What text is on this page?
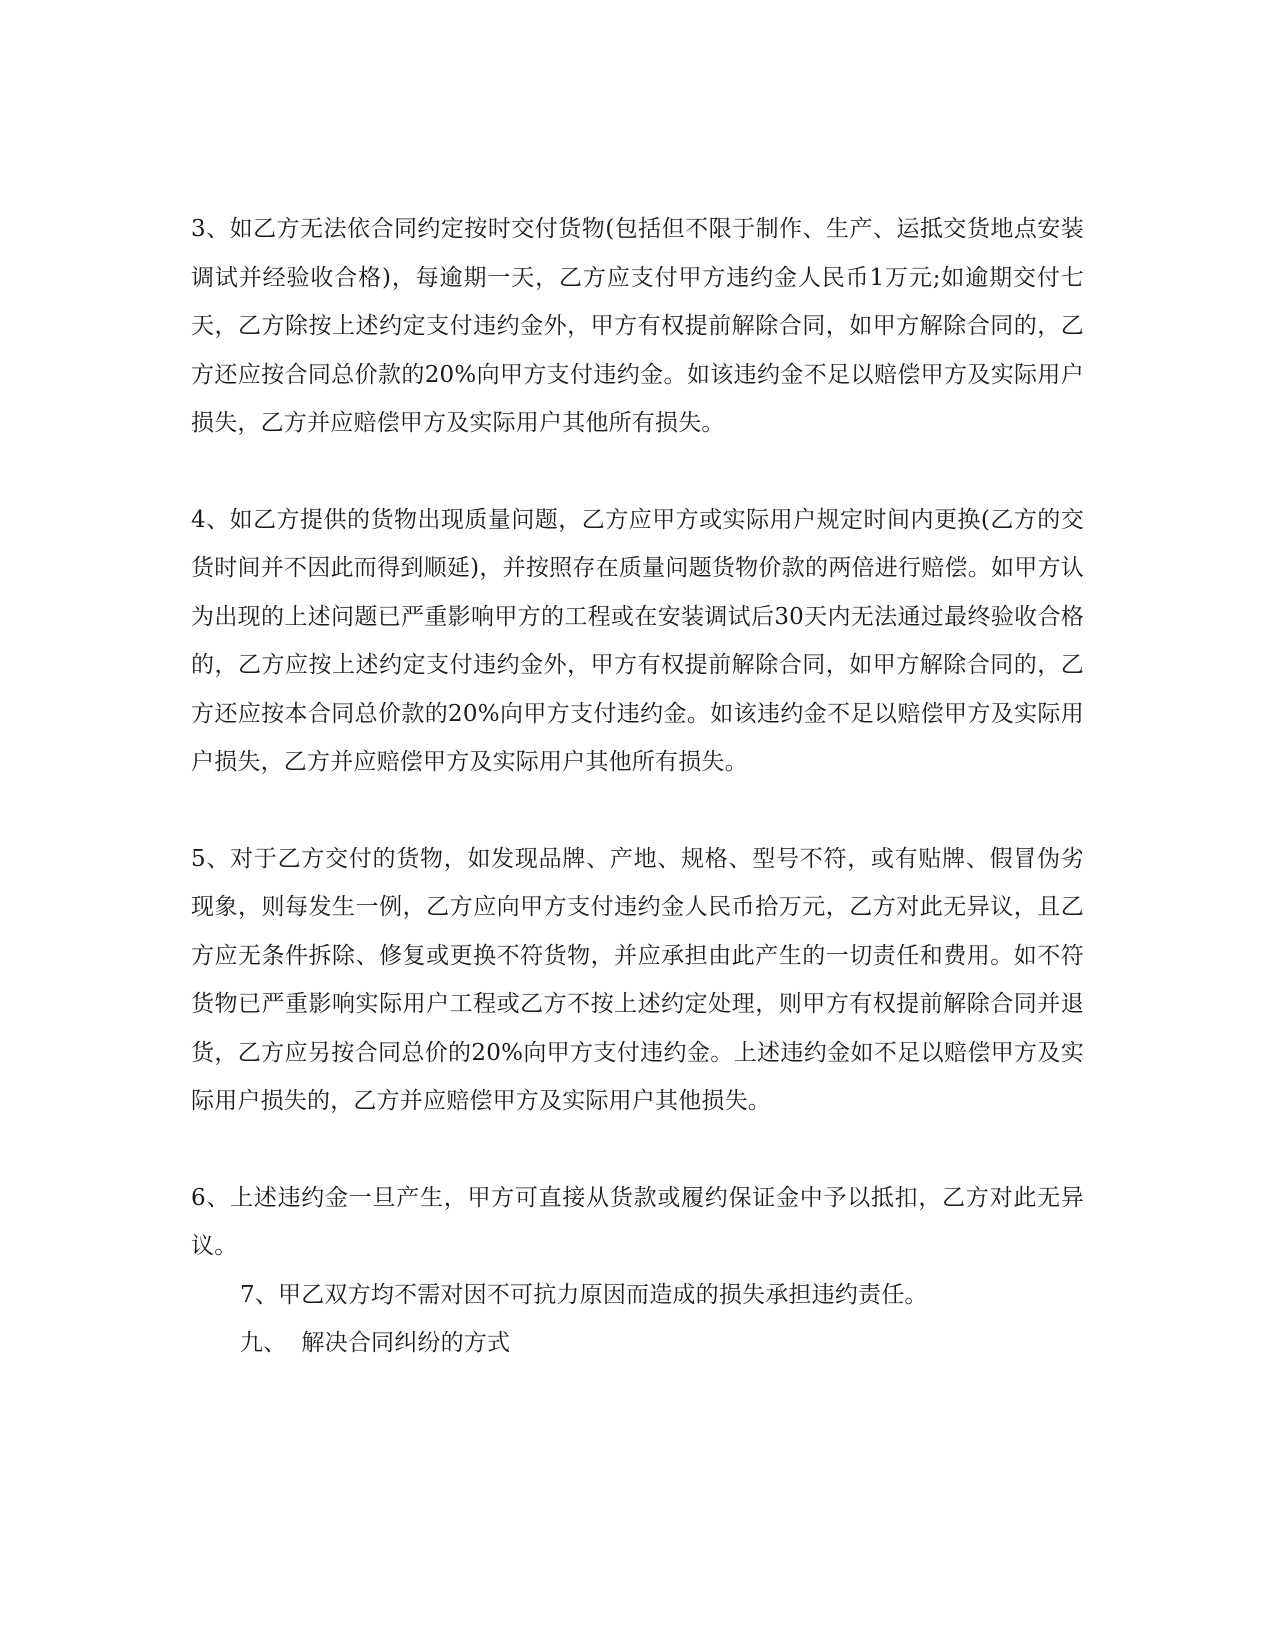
3、如乙方无法依合同约定按时交付货物(包括但不限于制作、生产、运抵交货地点安装调试并经验收合格)，每逾期一天，乙方应支付甲方违约金人民币1万元;如逾期交付七天，乙方除按上述约定支付违约金外，甲方有权提前解除合同，如甲方解除合同的，乙方还应按合同总价款的20%向甲方支付违约金。如该违约金不足以赔偿甲方及实际用户损失，乙方并应赔偿甲方及实际用户其他所有损失。

4、如乙方提供的货物出现质量问题，乙方应甲方或实际用户规定时间内更换(乙方的交货时间并不因此而得到顺延)，并按照存在质量问题货物价款的两倍进行赔偿。如甲方认为出现的上述问题已严重影响甲方的工程或在安装调试后30天内无法通过最终验收合格的，乙方应按上述约定支付违约金外，甲方有权提前解除合同，如甲方解除合同的，乙方还应按本合同总价款的20%向甲方支付违约金。如该违约金不足以赔偿甲方及实际用户损失，乙方并应赔偿甲方及实际用户其他所有损失。

5、对于乙方交付的货物，如发现品牌、产地、规格、型号不符，或有贴牌、假冒伪劣现象，则每发生一例，乙方应向甲方支付违约金人民币拾万元，乙方对此无异议，且乙方应无条件拆除、修复或更换不符货物，并应承担由此产生的一切责任和费用。如不符货物已严重影响实际用户工程或乙方不按上述约定处理，则甲方有权提前解除合同并退货，乙方应另按合同总价的20%向甲方支付违约金。上述违约金如不足以赔偿甲方及实际用户损失的，乙方并应赔偿甲方及实际用户其他损失。

6、上述违约金一旦产生，甲方可直接从货款或履约保证金中予以抵扣，乙方对此无异议。

7、甲乙双方均不需对因不可抗力原因而造成的损失承担违约责任。

九、  解决合同纠纷的方式
